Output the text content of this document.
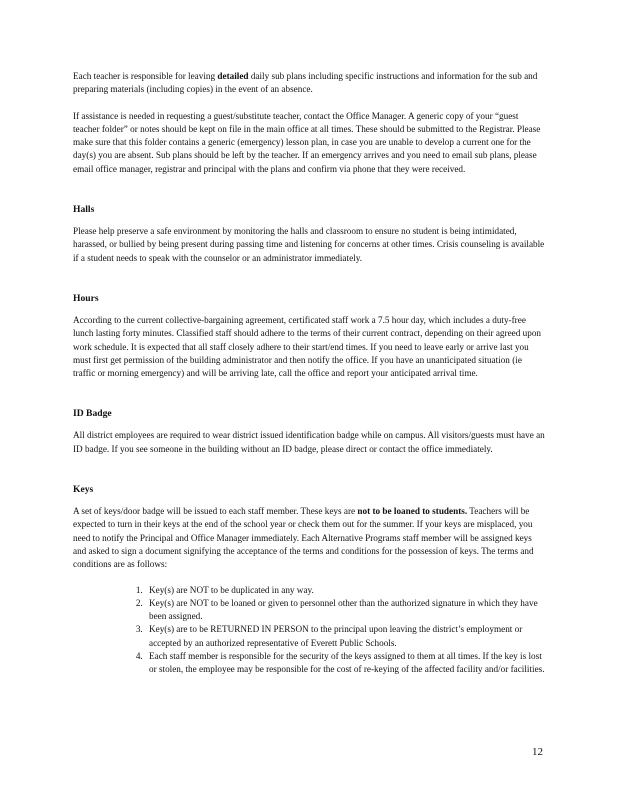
Each teacher is responsible for leaving detailed daily sub plans including specific instructions and information for the sub and preparing materials (including copies) in the event of an absence.

If assistance is needed in requesting a guest/substitute teacher, contact the Office Manager. A generic copy of your “guest teacher folder” or notes should be kept on file in the main office at all times. These should be submitted to the Registrar. Please make sure that this folder contains a generic (emergency) lesson plan, in case you are unable to develop a current one for the day(s) you are absent. Sub plans should be left by the teacher. If an emergency arrives and you need to email sub plans, please email office manager, registrar and principal with the plans and confirm via phone that they were received.

Halls

Please help preserve a safe environment by monitoring the halls and classroom to ensure no student is being intimidated, harassed, or bullied by being present during passing time and listening for concerns at other times. Crisis counseling is available if a student needs to speak with the counselor or an administrator immediately.

Hours

According to the current collective-bargaining agreement, certificated staff work a 7.5 hour day, which includes a duty-free lunch lasting forty minutes. Classified staff should adhere to the terms of their current contract, depending on their agreed upon work schedule. It is expected that all staff closely adhere to their start/end times. If you need to leave early or arrive last you must first get permission of the building administrator and then notify the office. If you have an unanticipated situation (ie traffic or morning emergency) and will be arriving late, call the office and report your anticipated arrival time.

ID Badge

All district employees are required to wear district issued identification badge while on campus. All visitors/guests must have an ID badge. If you see someone in the building without an ID badge, please direct or contact the office immediately.

Keys

A set of keys/door badge will be issued to each staff member. These keys are not to be loaned to students. Teachers will be expected to turn in their keys at the end of the school year or check them out for the summer. If your keys are misplaced, you need to notify the Principal and Office Manager immediately. Each Alternative Programs staff member will be assigned keys and asked to sign a document signifying the acceptance of the terms and conditions for the possession of keys. The terms and conditions are as follows:

1. Key(s) are NOT to be duplicated in any way.
2. Key(s) are NOT to be loaned or given to personnel other than the authorized signature in which they have been assigned.
3. Key(s) are to be RETURNED IN PERSON to the principal upon leaving the district’s employment or accepted by an authorized representative of Everett Public Schools.
4. Each staff member is responsible for the security of the keys assigned to them at all times. If the key is lost or stolen, the employee may be responsible for the cost of re-keying of the affected facility and/or facilities.
12
